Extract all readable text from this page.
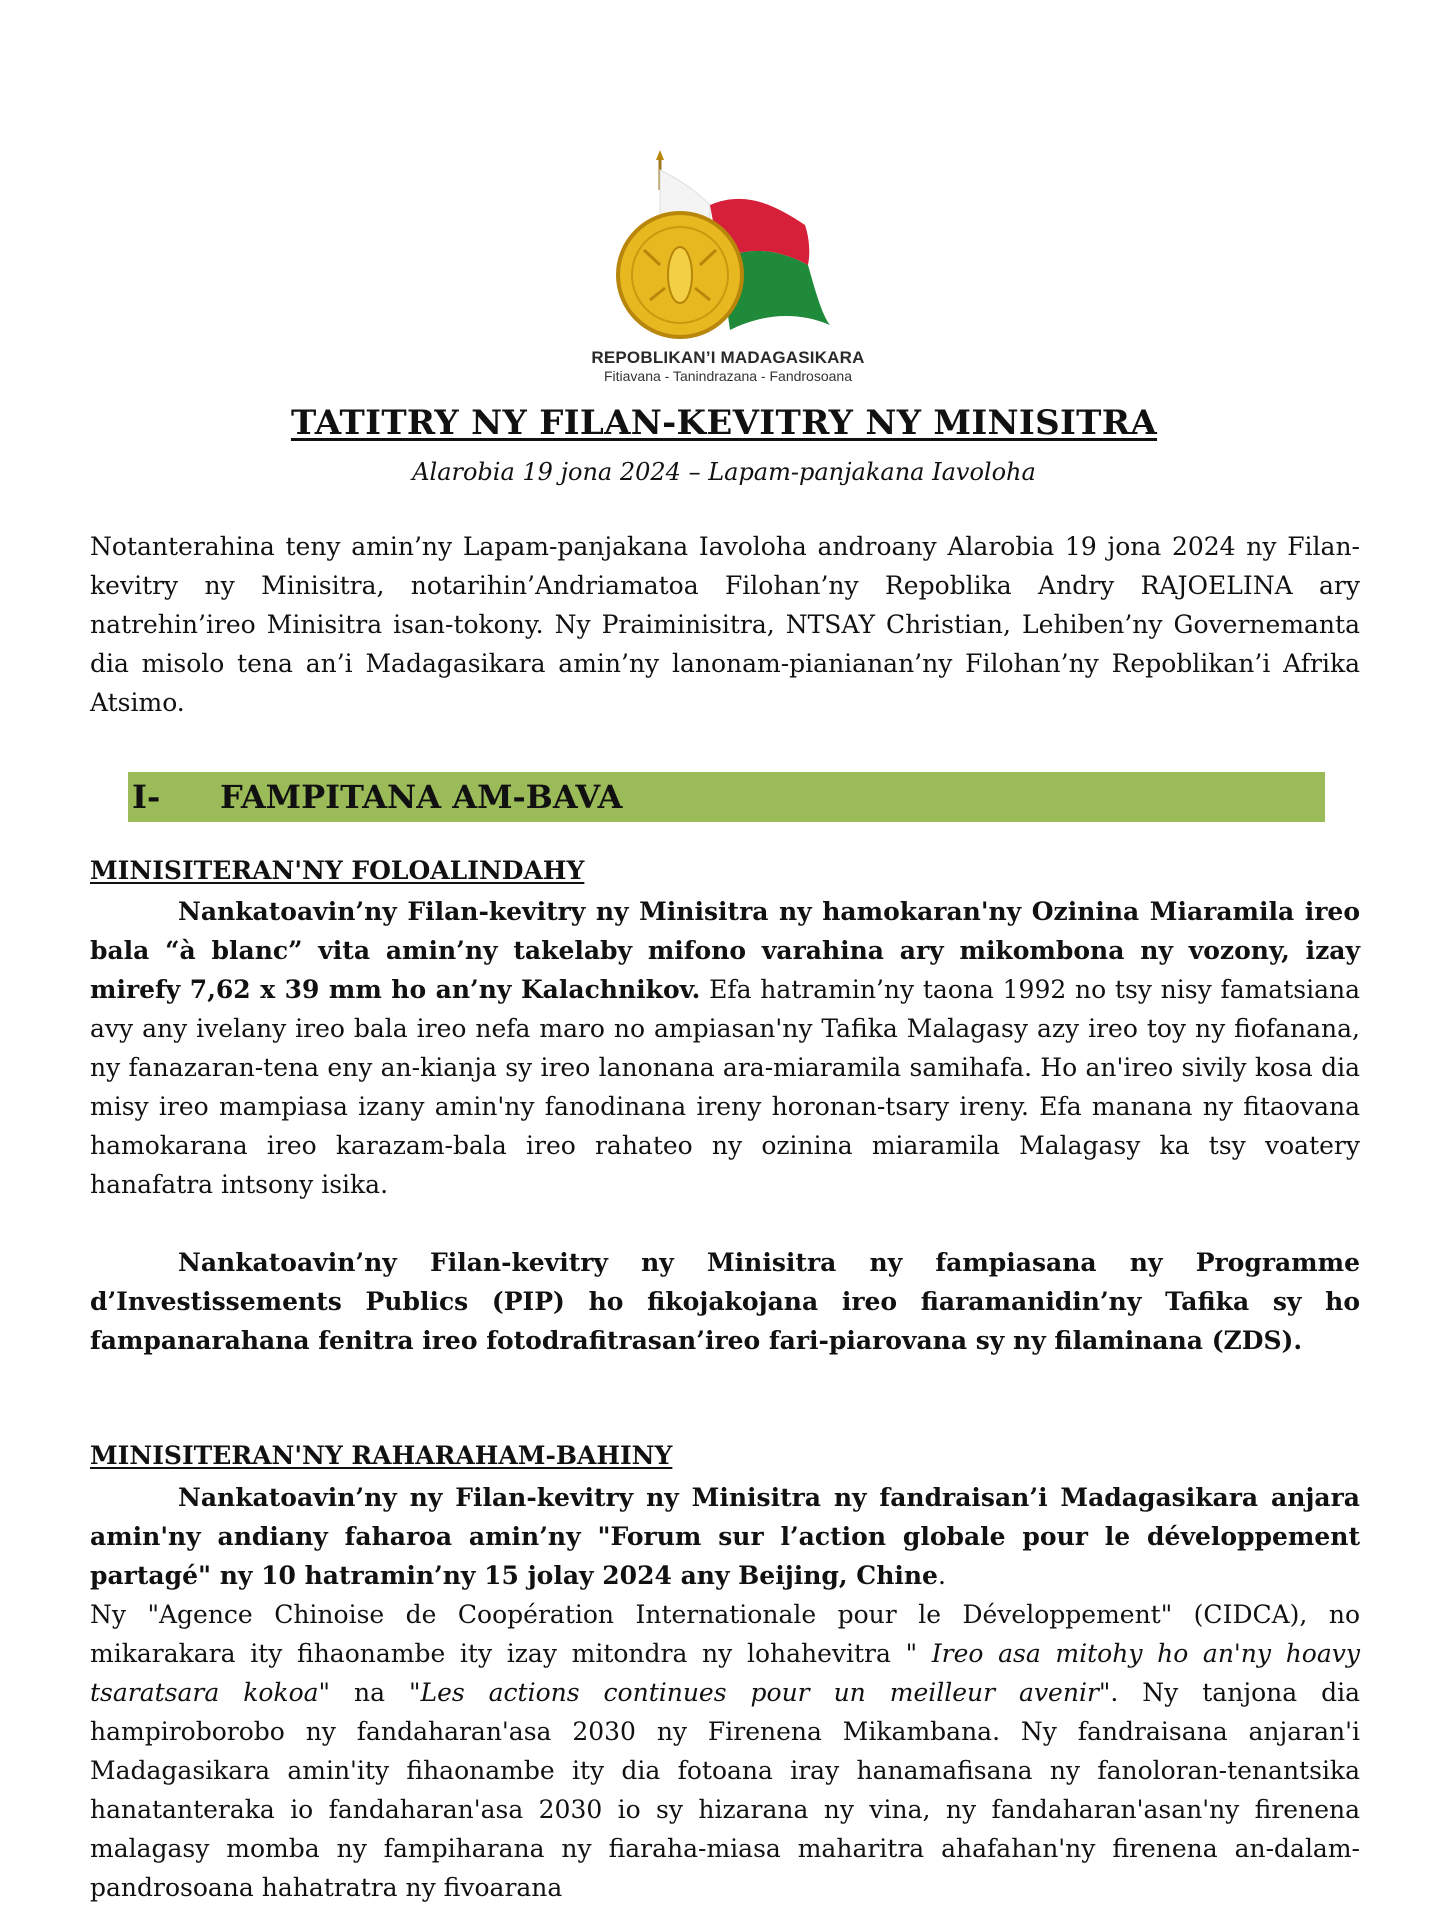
REPOBLIKAN’I MADAGASIKARA
Fitiavana - Tanindrazana - Fandrosoana
TATITRY NY FILAN-KEVITRY NY MINISITRA
Alarobia 19 jona 2024 – Lapam-panjakana Iavoloha
Notanterahina teny amin’ny Lapam-panjakana Iavoloha androany Alarobia 19 jona 2024 ny Filan-kevitry ny Minisitra, notarihin’Andriamatoa Filohan’ny Repoblika Andry RAJOELINA ary natrehin’ireo Minisitra isan-tokony. Ny Praiminisitra, NTSAY Christian, Lehiben’ny Governemanta dia misolo tena an’i Madagasikara amin’ny lanonam-pianianan’ny Filohan’ny Repoblikan’i Afrika Atsimo.
I- FAMPITANA AM-BAVA
MINISITERAN'NY FOLOALINDAHY
Nankatoavin’ny Filan-kevitry ny Minisitra ny hamokaran'ny Ozinina Miaramila ireo bala “à blanc” vita amin’ny takelaby mifono varahina ary mikombona ny vozony, izay mirefy 7,62 x 39 mm ho an’ny Kalachnikov. Efa hatramin’ny taona 1992 no tsy nisy famatsiana avy any ivelany ireo bala ireo nefa maro no ampiasan'ny Tafika Malagasy azy ireo toy ny fiofanana, ny fanazaran-tena eny an-kianja sy ireo lanonana ara-miaramila samihafa. Ho an'ireo sivily kosa dia misy ireo mampiasa izany amin'ny fanodinana ireny horonan-tsary ireny. Efa manana ny fitaovana hamokarana ireo karazam-bala ireo rahateo ny ozinina miaramila Malagasy ka tsy voatery hanafatra intsony isika.
Nankatoavin’ny Filan-kevitry ny Minisitra ny fampiasana ny Programme d’Investissements Publics (PIP) ho fikojakojana ireo fiaramanidin’ny Tafika sy ho fampanarahana fenitra ireo fotodrafitrasan’ireo fari-piarovana sy ny filaminana (ZDS).
MINISITERAN'NY RAHARAHAM-BAHINY
Nankatoavin’ny ny Filan-kevitry ny Minisitra ny fandraisan’i Madagasikara anjara amin'ny andiany faharoa amin’ny "Forum sur l’action globale pour le développement partagé" ny 10 hatramin’ny 15 jolay 2024 any Beijing, Chine.
Ny "Agence Chinoise de Coopération Internationale pour le Développement" (CIDCA), no mikarakara ity fihaonambe ity izay mitondra ny lohahevitra " Ireo asa mitohy ho an'ny hoavy tsaratsara kokoa" na "Les actions continues pour un meilleur avenir". Ny tanjona dia hampiroborobo ny fandaharan'asa 2030 ny Firenena Mikambana. Ny fandraisana anjaran'i Madagasikara amin'ity fihaonambe ity dia fotoana iray hanamafisana ny fanoloran-tenantsika hanatanteraka io fandaharan'asa 2030 io sy hizarana ny vina, ny fandaharan'asan'ny firenena malagasy momba ny fampiharana ny fiaraha-miasa maharitra ahafahan'ny firenena an-dalam-pandrosoana hahatratra ny fivoarana
